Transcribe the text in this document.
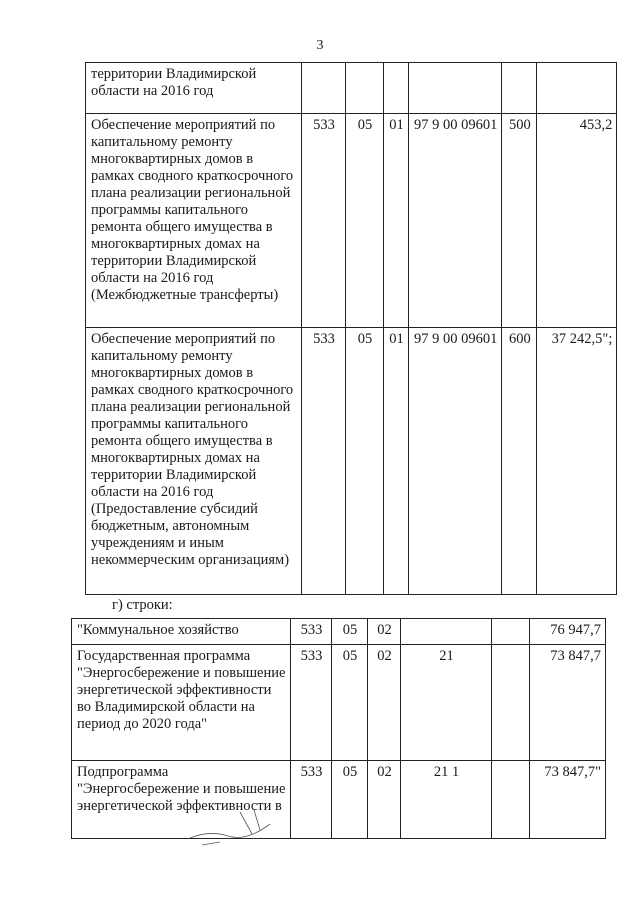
3
территории Владимирской области на 2016 год						
Обеспечение мероприятий по капитальному ремонту многоквартирных домов в рамках сводного краткосрочного плана реализации региональной программы капитального ремонта общего имущества в многоквартирных домах на территории Владимирской области на 2016 год (Межбюджетные трансферты)	533	05	01	97 9 00 09601	500	453,2
Обеспечение мероприятий по капитальному ремонту многоквартирных домов в рамках сводного краткосрочного плана реализации региональной программы капитального ремонта общего имущества в многоквартирных домах на территории Владимирской области на 2016 год (Предоставление субсидий бюджетным, автономным учреждениям и иным некоммерческим организациям)	533	05	01	97 9 00 09601	600	37 242,5";
г) строки:
"Коммунальное хозяйство	533	05	02			76 947,7
Государственная программа "Энергосбережение и повышение энергетической эффективности во Владимирской области на период до 2020 года"	533	05	02	21		73 847,7
Подпрограмма "Энергосбережение и повышение энергетической эффективности в	533	05	02	21 1		73 847,7"
